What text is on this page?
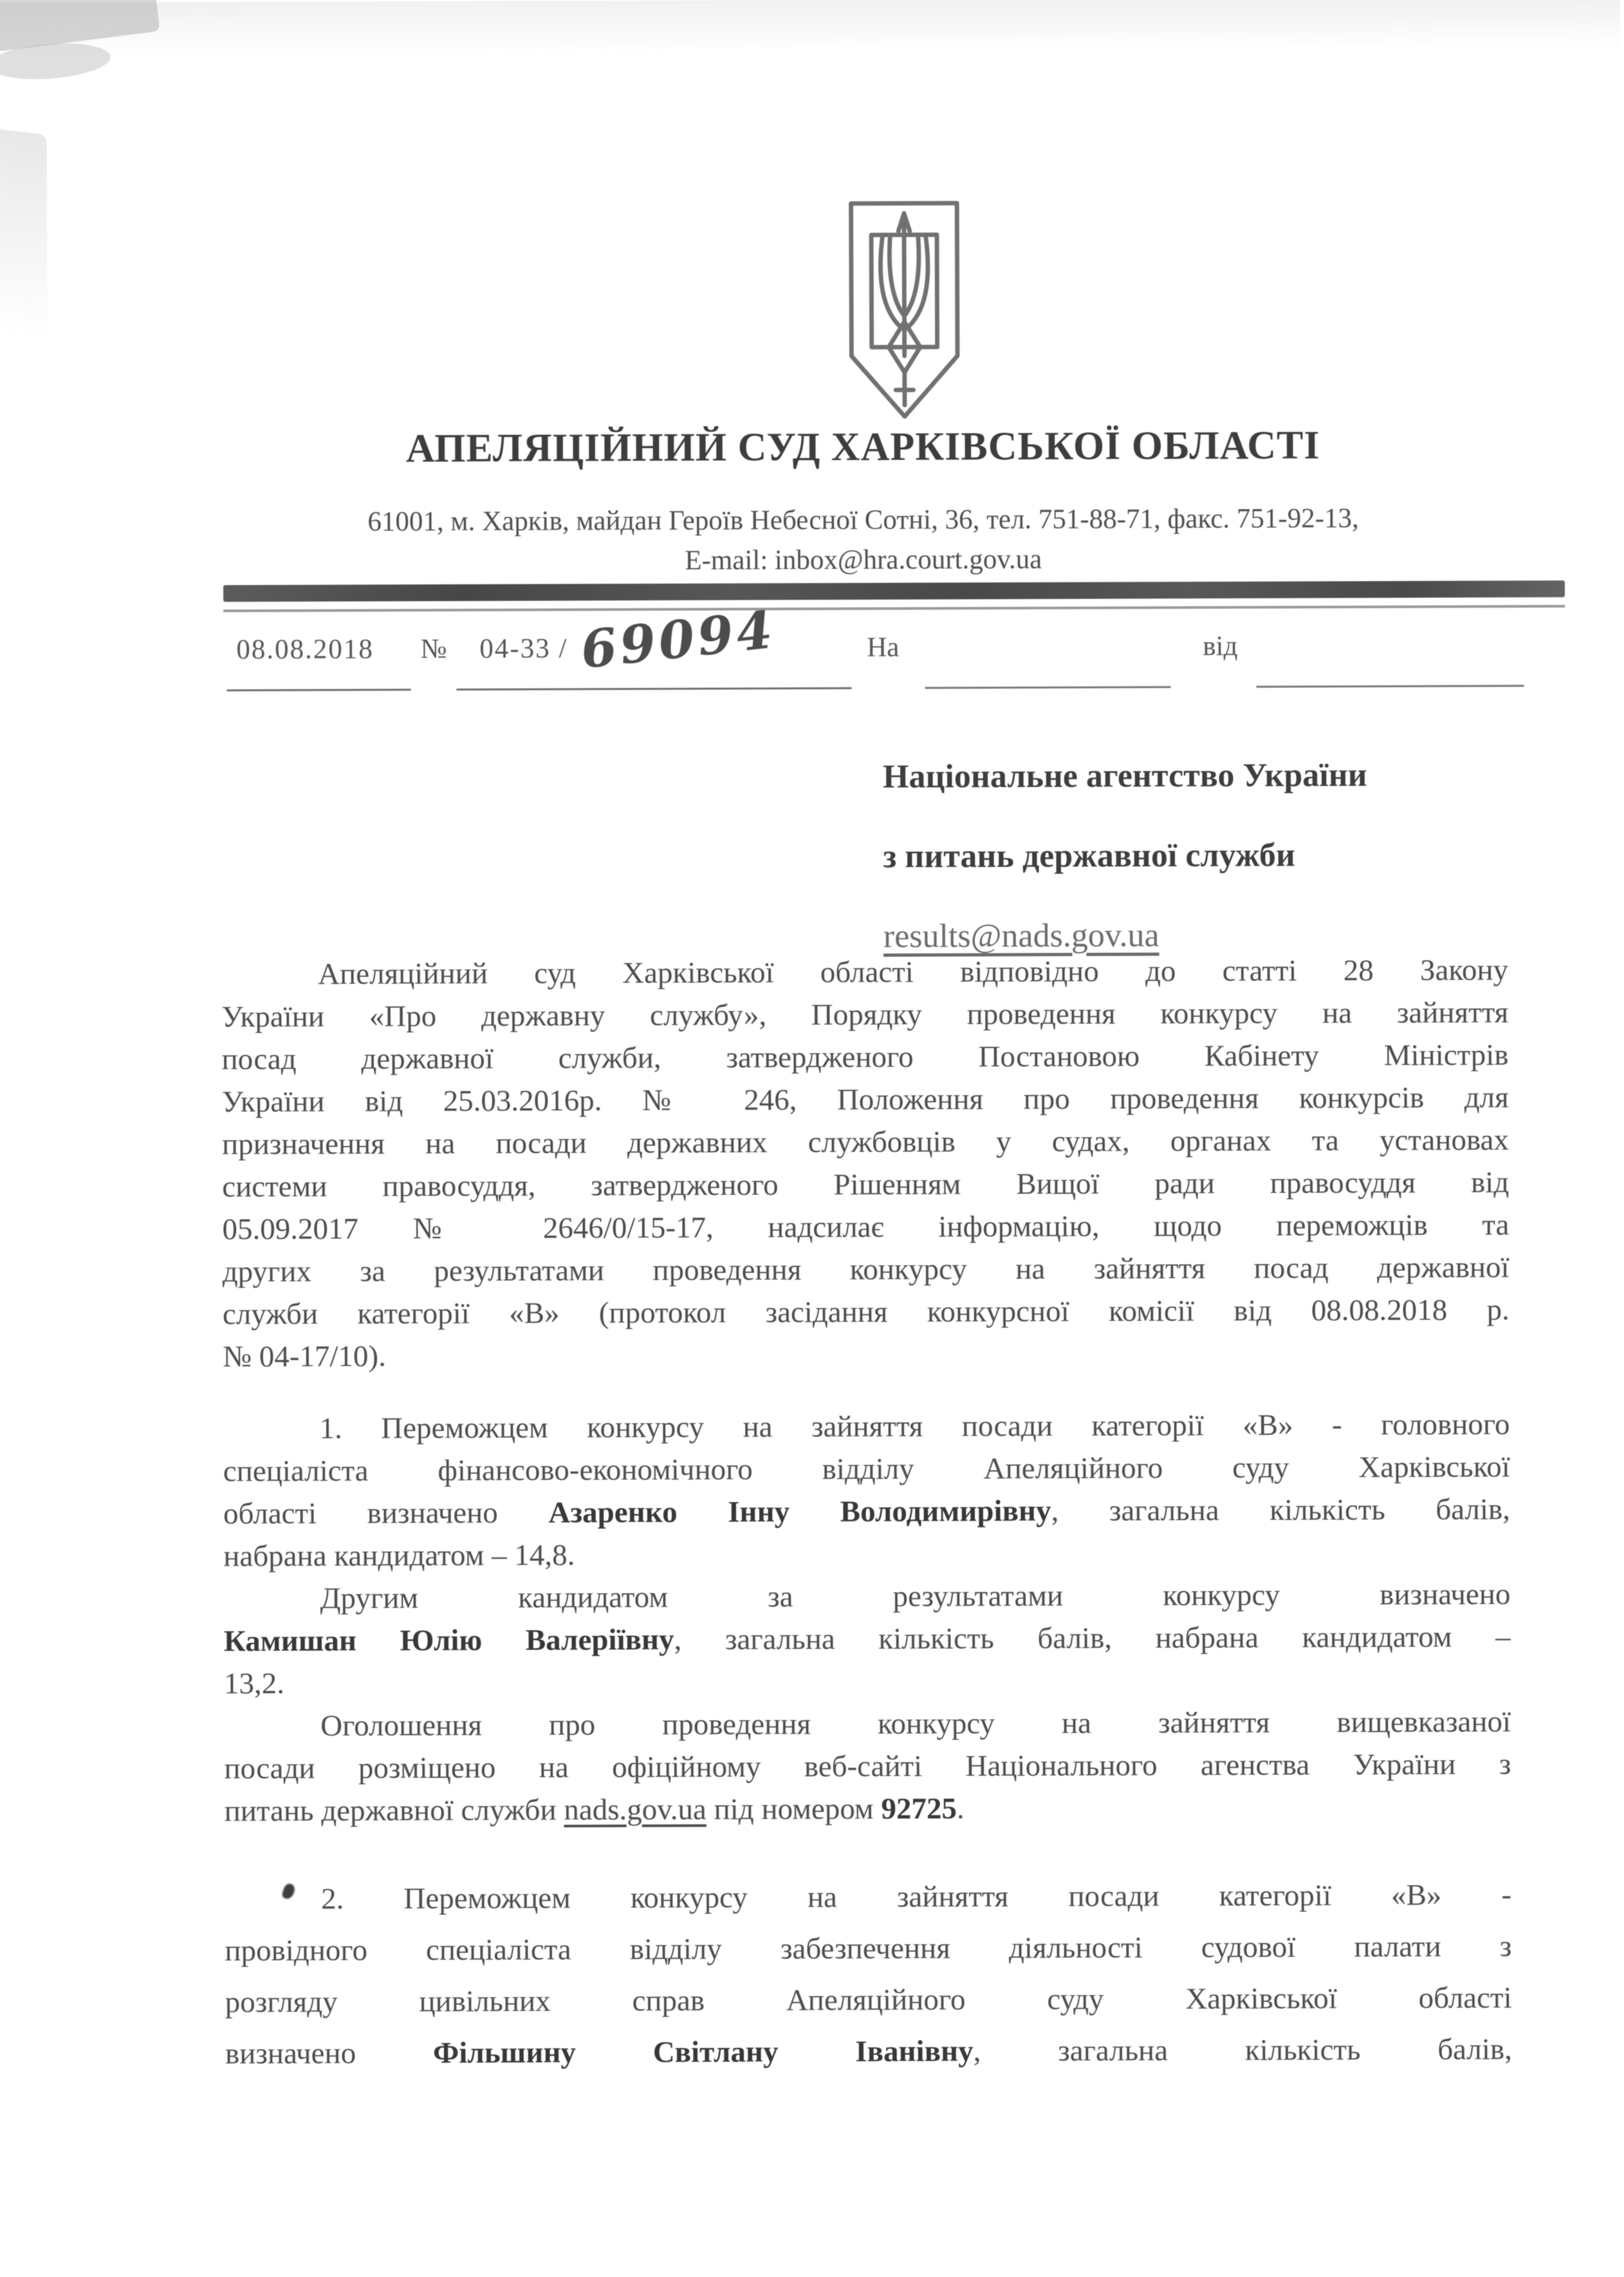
АПЕЛЯЦІЙНИЙ СУД ХАРКІВСЬКОЇ ОБЛАСТІ
61001, м. Харків, майдан Героїв Небесної Сотні, 36, тел. 751-88-71, факс. 751-92-13,
E-mail: inbox@hra.court.gov.ua
08.08.2018 № 04-33 / 69094	На	від
Національне агентство України
з питань державної служби
results@nads.gov.ua
Апеляційний суд Харківської області відповідно до статті 28 Закону
України «Про державну службу», Порядку проведення конкурсу на зайняття
посад державної служби, затвердженого Постановою Кабінету Міністрів
України від 25.03.2016р. № 246, Положення про проведення конкурсів для
призначення на посади державних службовців у судах, органах та установах
системи правосуддя, затвердженого Рішенням Вищої ради правосуддя від
05.09.2017 № 2646/0/15-17, надсилає інформацію, щодо переможців та
других за результатами проведення конкурсу на зайняття посад державної
служби категорії «В» (протокол засідання конкурсної комісії від 08.08.2018 р.
№ 04-17/10).
1. Переможцем конкурсу на зайняття посади категорії «В» - головного
спеціаліста фінансово-економічного відділу Апеляційного суду Харківської
області визначено Азаренко Інну Володимирівну, загальна кількість балів,
набрана кандидатом – 14,8.
Другим кандидатом за результатами конкурсу визначено
Камишан Юлію Валеріївну, загальна кількість балів, набрана кандидатом –
13,2.
Оголошення про проведення конкурсу на зайняття вищевказаної
посади розміщено на офіційному веб-сайті Національного агенства України з
питань державної служби nads.gov.ua під номером 92725.
2. Переможцем конкурсу на зайняття посади категорії «В» -
провідного спеціаліста відділу забезпечення діяльності судової палати з
розгляду цивільних справ Апеляційного суду Харківської області
визначено Фільшину Світлану Іванівну, загальна кількість балів,
